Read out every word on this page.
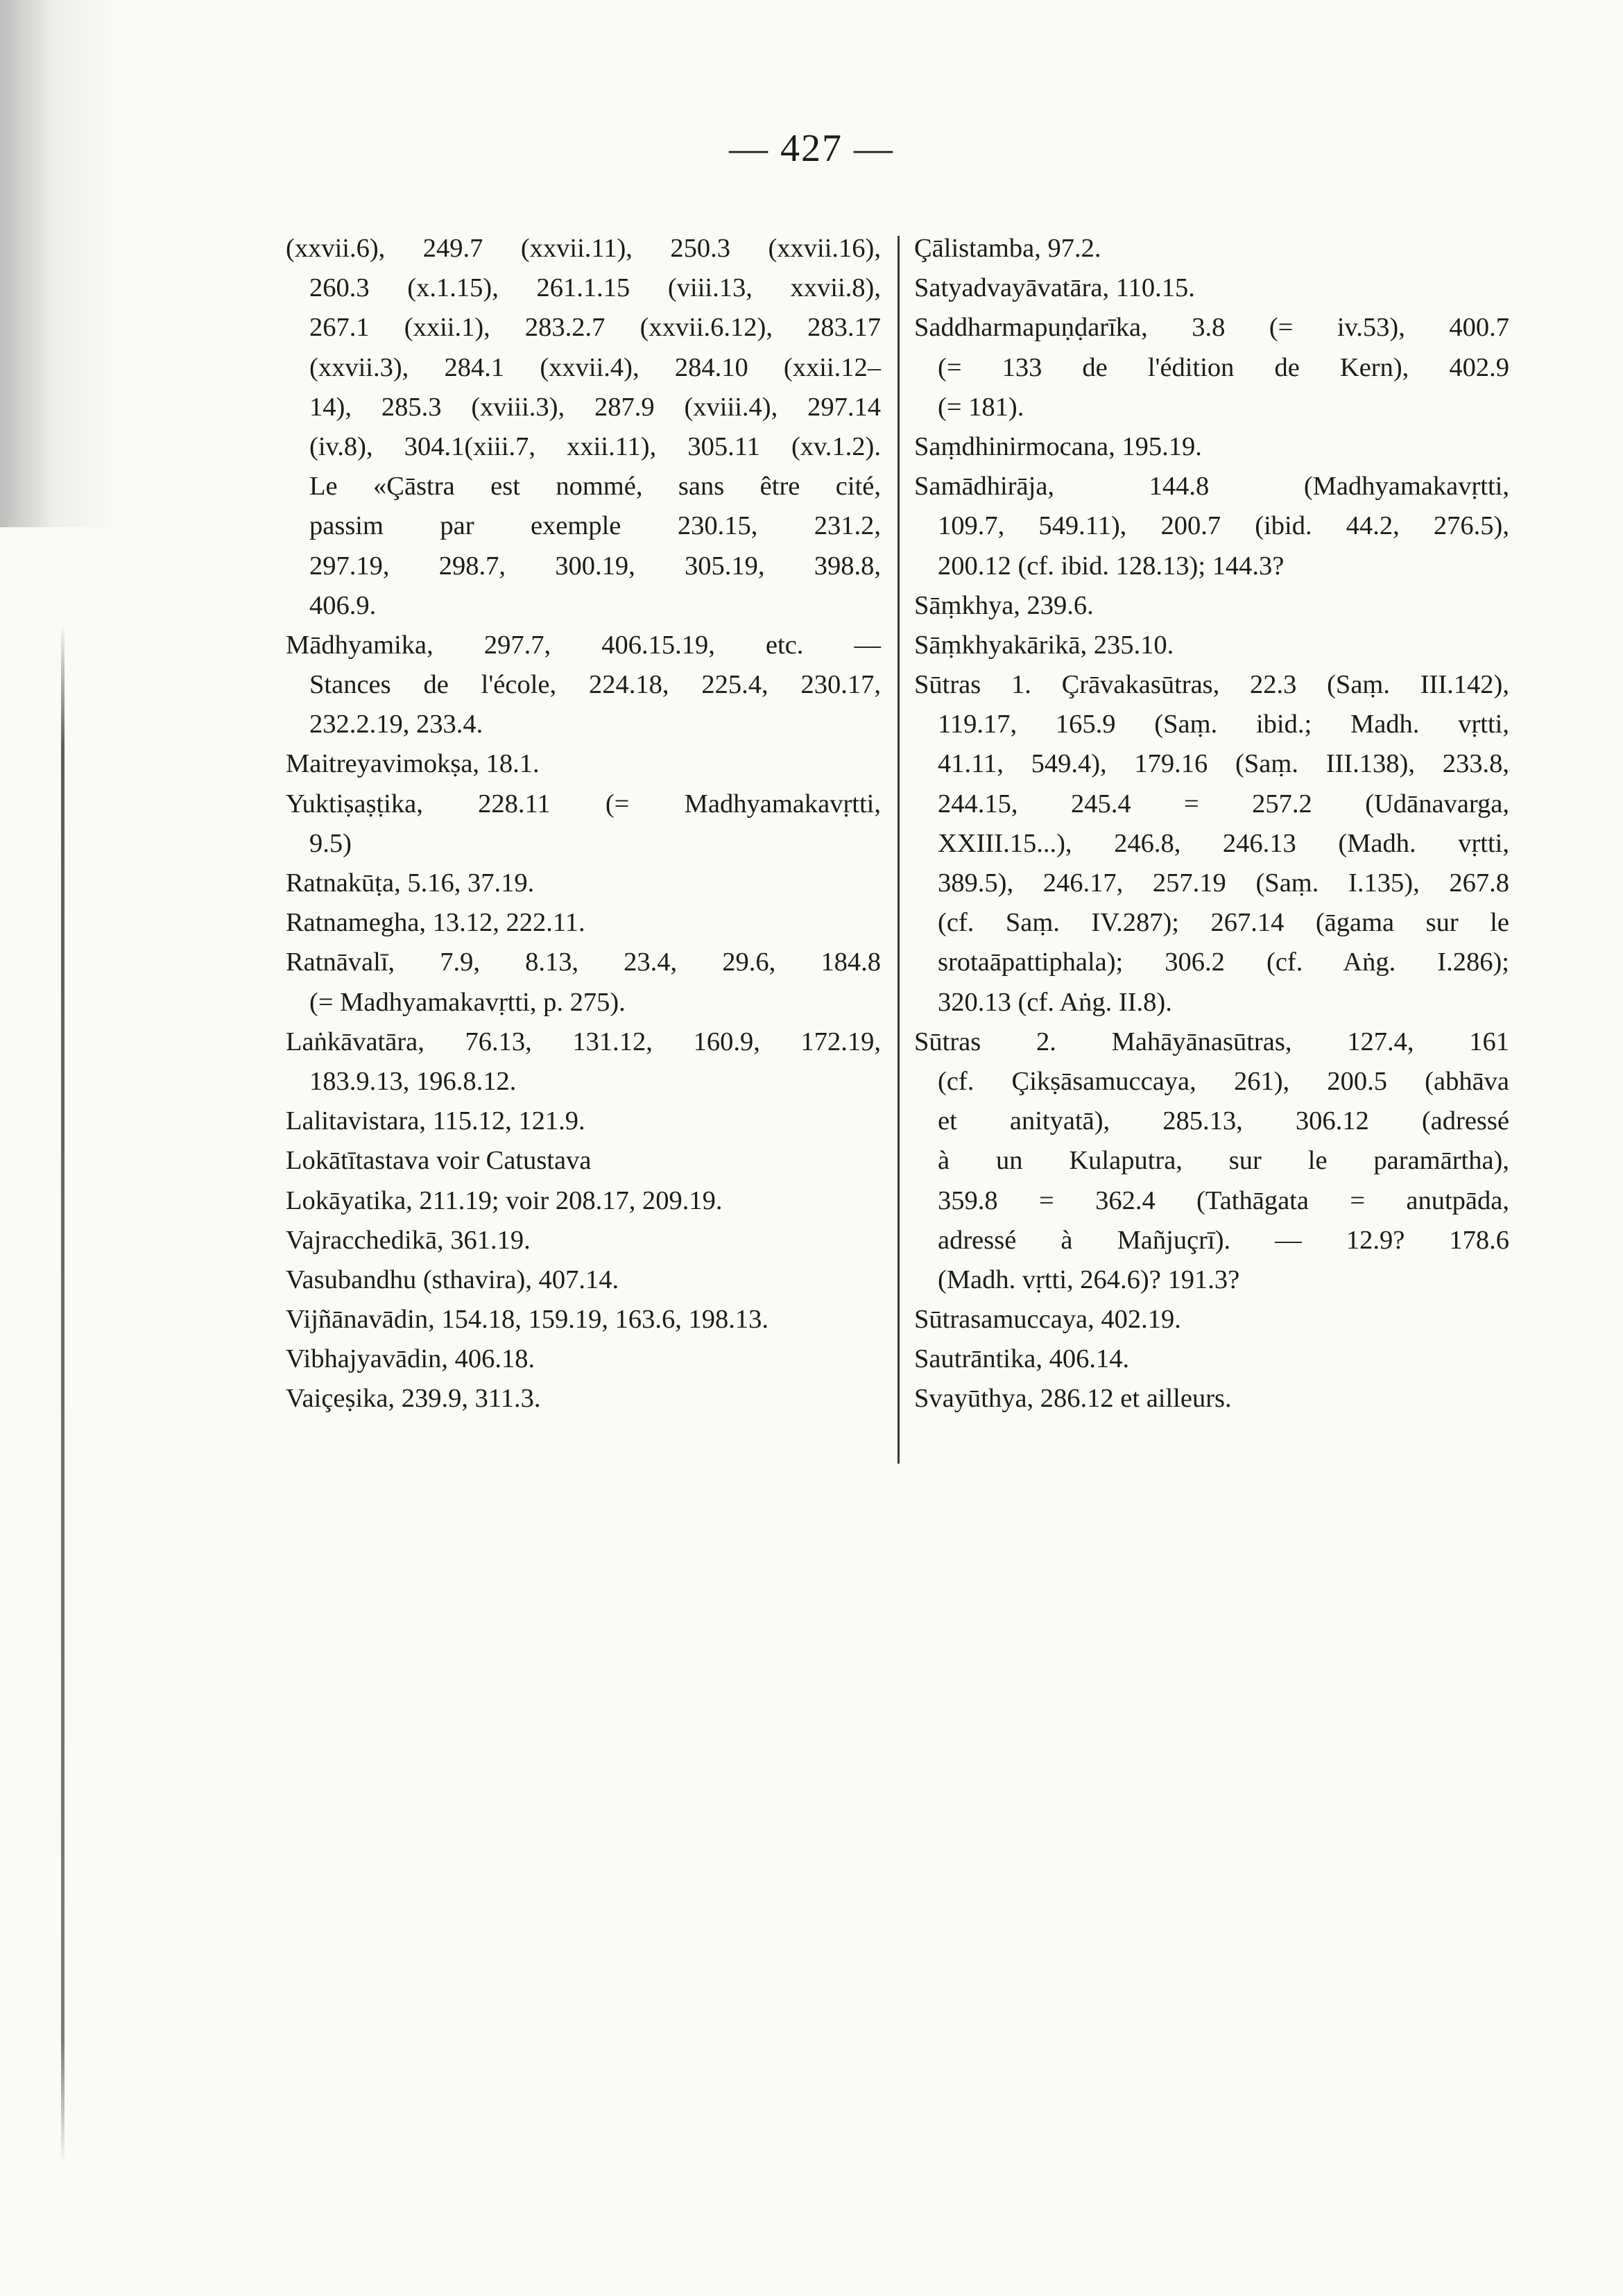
— 427 —
(xxvii.6), 249.7 (xxvii.11), 250.3 (xxvii.16),
260.3 (x.1.15), 261.1.15 (viii.13, xxvii.8),
267.1 (xxii.1), 283.2.7 (xxvii.6.12), 283.17
(xxvii.3), 284.1 (xxvii.4), 284.10 (xxii.12–
14), 285.3 (xviii.3), 287.9 (xviii.4), 297.14
(iv.8), 304.1(xiii.7, xxii.11), 305.11 (xv.1.2).
Le «Çāstra est nommé, sans être cité,
passim par exemple 230.15, 231.2,
297.19, 298.7, 300.19, 305.19, 398.8,
406.9.
Mādhyamika, 297.7, 406.15.19, etc. —
Stances de l'école, 224.18, 225.4, 230.17,
232.2.19, 233.4.
Maitreyavimokṣa, 18.1.
Yuktiṣaṣṭika, 228.11 (= Madhyamakavṛtti,
9.5)
Ratnakūṭa, 5.16, 37.19.
Ratnamegha, 13.12, 222.11.
Ratnāvalī, 7.9, 8.13, 23.4, 29.6, 184.8
(= Madhyamakavṛtti, p. 275).
Laṅkāvatāra, 76.13, 131.12, 160.9, 172.19,
183.9.13, 196.8.12.
Lalitavistara, 115.12, 121.9.
Lokātītastava voir Catustava
Lokāyatika, 211.19; voir 208.17, 209.19.
Vajracchedikā, 361.19.
Vasubandhu (sthavira), 407.14.
Vijñānavādin, 154.18, 159.19, 163.6, 198.13.
Vibhajyavādin, 406.18.
Vaiçeṣika, 239.9, 311.3.
Çālistamba, 97.2.
Satyadvayāvatāra, 110.15.
Saddharmapuṇḍarīka, 3.8 (= iv.53), 400.7
(= 133 de l'édition de Kern), 402.9
(= 181).
Saṃdhinirmocana, 195.19.
Samādhirāja, 144.8 (Madhyamakavṛtti,
109.7, 549.11), 200.7 (ibid. 44.2, 276.5),
200.12 (cf. ibid. 128.13); 144.3?
Sāṃkhya, 239.6.
Sāṃkhyakārikā, 235.10.
Sūtras 1. Çrāvakasūtras, 22.3 (Saṃ. III.142),
119.17, 165.9 (Saṃ. ibid.; Madh. vṛtti,
41.11, 549.4), 179.16 (Saṃ. III.138), 233.8,
244.15, 245.4 = 257.2 (Udānavarga,
XXIII.15...), 246.8, 246.13 (Madh. vṛtti,
389.5), 246.17, 257.19 (Saṃ. I.135), 267.8
(cf. Saṃ. IV.287); 267.14 (āgama sur le
srotaāpattiphala); 306.2 (cf. Aṅg. I.286);
320.13 (cf. Aṅg. II.8).
Sūtras 2. Mahāyānasūtras, 127.4, 161
(cf. Çikṣāsamuccaya, 261), 200.5 (abhāva
et anityatā), 285.13, 306.12 (adressé
à un Kulaputra, sur le paramārtha),
359.8 = 362.4 (Tathāgata = anutpāda,
adressé à Mañjuçrī). — 12.9? 178.6
(Madh. vṛtti, 264.6)? 191.3?
Sūtrasamuccaya, 402.19.
Sautrāntika, 406.14.
Svayūthya, 286.12 et ailleurs.
